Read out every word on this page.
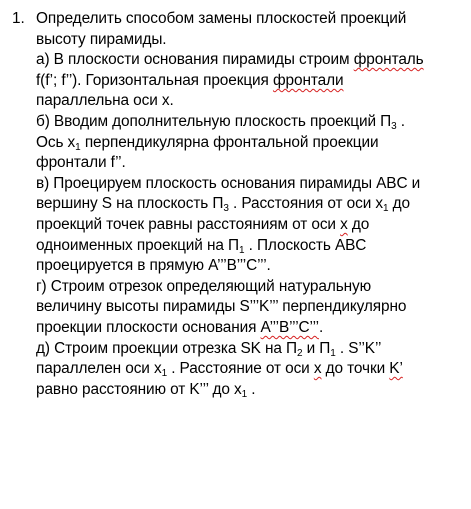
1. Определить способом замены плоскостей проекций
высоту пирамиды.
а) В плоскости основания пирамиды строим фронталь
f(f’; f’’). Горизонтальная проекция фронтали
параллельна оси x.
б) Вводим дополнительную плоскость проекций $П_3$ .
Ось $x_1$ перпендикулярна фронтальной проекции
фронтали f’’.
в) Проецируем плоскость основания пирамиды ABC и
вершину S на плоскость $П_3$ . Расстояния от оси $x_1$ до
проекций точек равны расстояниям от оси x до
одноименных проекций на $П_1$ . Плоскость ABC
проецируется в прямую A’’’B’’’C’’’.
г) Строим отрезок определяющий натуральную
величину высоты пирамиды S’’’K’’’ перпендикулярно
проекции плоскости основания A’’’B’’’C’’’.
д) Строим проекции отрезка SK на $П_2$ и $П_1$ . S’’K’’
параллелен оси $x_1$ . Расстояние от оси x до точки K’
равно расстоянию от K’’’ до $x_1$ .
